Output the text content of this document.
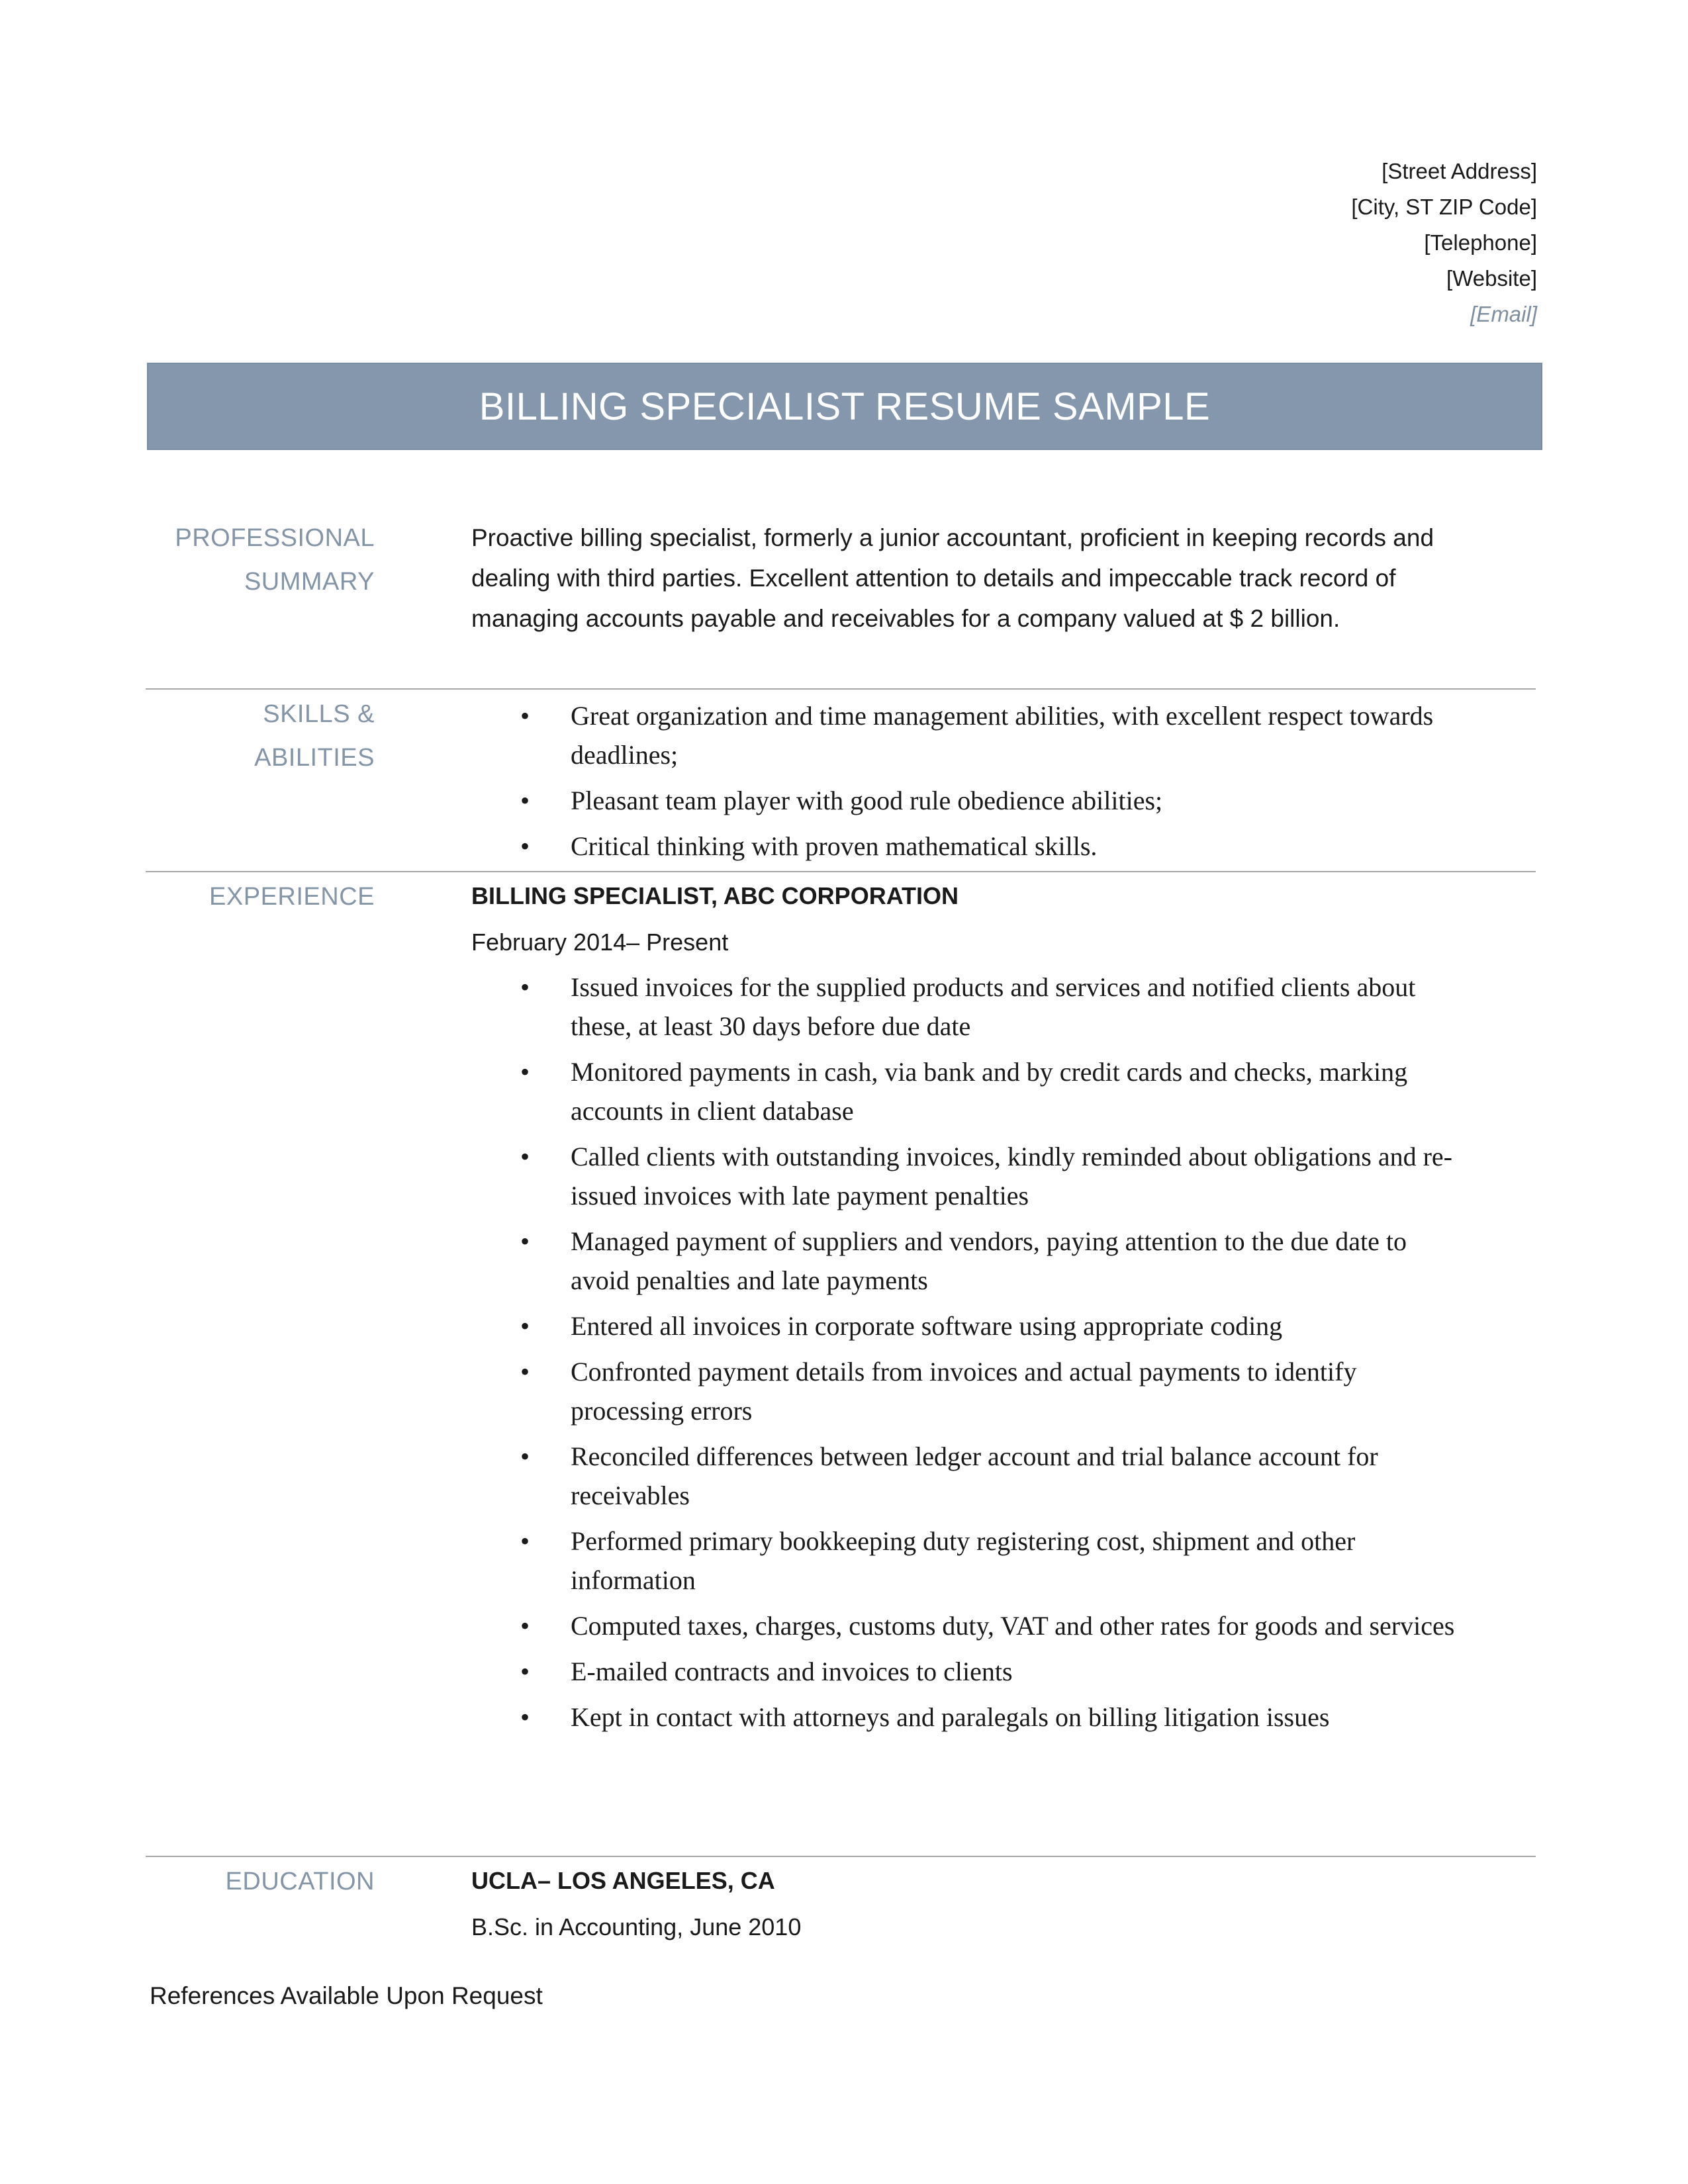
[Street Address]
[City, ST ZIP Code]
[Telephone]
[Website]
[Email]
BILLING SPECIALIST RESUME SAMPLE
PROFESSIONAL
SUMMARY
Proactive billing specialist, formerly a junior accountant, proficient in keeping records and dealing with third parties. Excellent attention to details and impeccable track record of managing accounts payable and receivables for a company valued at $ 2 billion.
SKILLS & ABILITIES
• Great organization and time management abilities, with excellent respect towards deadlines;
• Pleasant team player with good rule obedience abilities;
• Critical thinking with proven mathematical skills.
EXPERIENCE	BILLING SPECIALIST, ABC CORPORATION
February 2014– Present
• Issued invoices for the supplied products and services and notified clients about these, at least 30 days before due date
• Monitored payments in cash, via bank and by credit cards and checks, marking accounts in client database
• Called clients with outstanding invoices, kindly reminded about obligations and re-issued invoices with late payment penalties
• Managed payment of suppliers and vendors, paying attention to the due date to avoid penalties and late payments
• Entered all invoices in corporate software using appropriate coding
• Confronted payment details from invoices and actual payments to identify processing errors
• Reconciled differences between ledger account and trial balance account for receivables
• Performed primary bookkeeping duty registering cost, shipment and other information
• Computed taxes, charges, customs duty, VAT and other rates for goods and services
• E-mailed contracts and invoices to clients
• Kept in contact with attorneys and paralegals on billing litigation issues
EDUCATION	UCLA– LOS ANGELES, CA
B.Sc. in Accounting, June 2010
References Available Upon Request
